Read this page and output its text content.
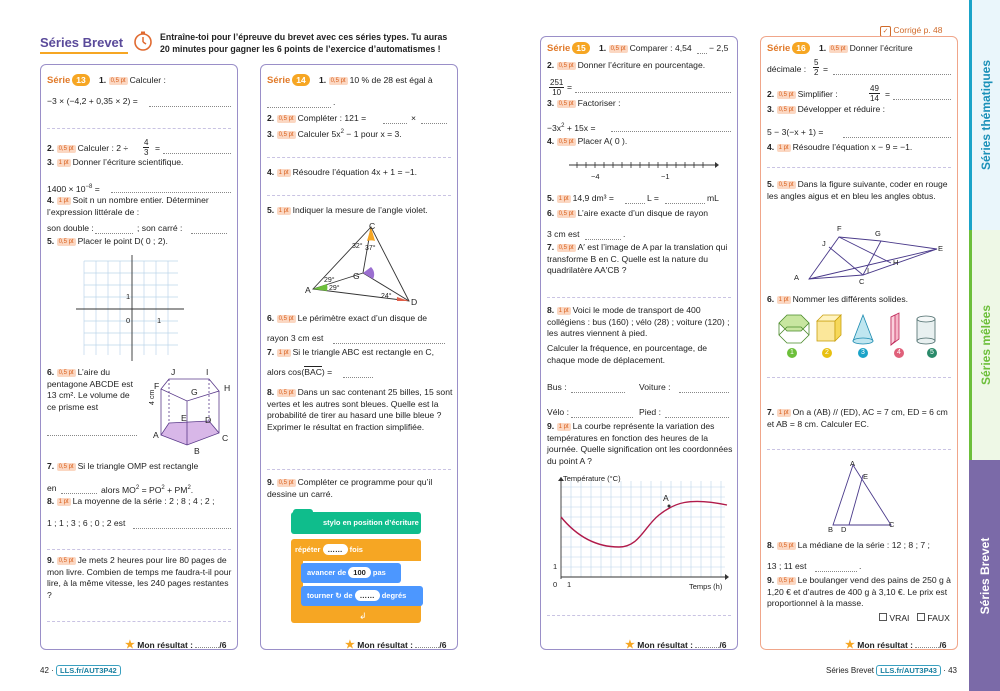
Séries Brevet	Entraîne-toi pour l’épreuve du brevet avec ces séries types. Tu auras
20 minutes pour gagner les 6 points de l’exercice d’automatismes !
✓ Corrigé p. 48
Série 13	1. 0,5 pt Calculer :
−3 × (−4,2 + 0,35 × 2) =
2. 0,5 pt Calculer : 2 ÷
4
3 =
3. 1 pt Donner l’écriture scientifique.
$1400 \times 10^{-8}$ =
4. 1 pt Soit n un nombre entier. Déterminer l’expression littérale de :
son double :	; son carré :
5. 0,5 pt Placer le point D( 0 ; 2).
1
0	1
6. 0,5 pt L’aire du pentagone ABCDE est 13 cm². Le volume de ce prisme est
J	I
F
G	H
E D
A	C
B
4 cm
7. 0,5 pt Si le triangle OMP est rectangle
en	alors $MO^2 = PO^2 + PM^2$.
8. 1 pt La moyenne de la série : 2 ; 8 ; 4 ; 2 ;
1 ; 1 ; 3 ; 6 ; 0 ; 2 est
9. 0,5 pt Je mets 2 heures pour lire 80 pages de mon livre. Combien de temps me faudra-t-il pour lire, à la même vitesse, les 240 pages restantes ?
★ Mon résultat :	/6
Série 14	1. 0,5 pt 10 % de 28 est égal à
.
2. 0,5 pt Compléter : 121 =	×
3. 0,5 pt Calculer $5x^2 - 1$ pour x = 3.
4. 1 pt Résoudre l’équation 4x + 1 = −1.
5. 1 pt Indiquer la mesure de l’angle violet.
C
32° 37°
G
29°
29°
A
24°
D
6. 0,5 pt Le périmètre exact d’un disque de
rayon 3 cm est
7. 1 pt Si le triangle ABC est rectangle en C,
alors cos(BAC) =
8. 0,5 pt Dans un sac contenant 25 billes, 15 sont vertes et les autres sont bleues. Quelle est la probabilité de tirer au hasard une bille bleue ? Exprimer le résultat en fraction simplifiée.
9. 0,5 pt Compléter ce programme pour qu’il dessine un carré.
stylo en position d’écriture
répéter …… fois
avancer de 100 pas
tourner ↻ de …… degrés
↲
★ Mon résultat :	/6
Série 15	1. 0,5 pt Comparer : 4,54 − 2,5
2. 0,5 pt Donner l’écriture en pourcentage.
251
10
=
3. 0,5 pt Factoriser :
$-3x^2 + 15x$ =
4. 0,5 pt Placer A( 0 ).
−4	−1
5. 1 pt 14,9 dm³ =	L =	mL
6. 0,5 pt L’aire exacte d’un disque de rayon
3 cm est	.
7. 0,5 pt A′ est l’image de A par la translation qui transforme B en C. Quelle est la nature du quadrilatère AA′CB ?
8. 1 pt Voici le mode de transport de 400 collégiens : bus (160) ; vélo (28) ; voiture (120) ; les autres viennent à pied.
Calculer la fréquence, en pourcentage, de chaque mode de déplacement.
Bus :	Voiture :
Vélo :	Pied :
9. 1 pt La courbe représente la variation des températures en fonction des heures de la journée. Quelle signification ont les coordonnées du point A ?
Température (°C)
Temps (h)
A
0 1
1
★ Mon résultat :	/6
Série 16	1. 0,5 pt Donner l’écriture
décimale :
5
2 =
2. 0,5 pt Simplifier :
49
14 =
3. 0,5 pt Développer et réduire :
5 − 3(−x + 1) =
4. 1 pt Résoudre l’équation x − 9 = −1.
5. 0,5 pt Dans la figure suivante, coder en rouge les angles aigus et en bleu les angles obtus.
F
G
J
E
H
I
A	C
6. 1 pt Nommer les différents solides.
1	2	3	4	5
7. 1 pt On a (AB) // (ED), AC = 7 cm, ED = 6 cm et AB = 8 cm. Calculer EC.
A
E
B D
C
8. 0,5 pt La médiane de la série : 12 ; 8 ; 7 ;
13 ; 11 est	.
9. 0,5 pt Le boulanger vend des pains de 250 g à 1,20 € et d’autres de 400 g à 3,10 €. Le prix est proportionnel à la masse.
VRAI	FAUX
★ Mon résultat :	/6
42 · LLS.fr/AUT3P42	Séries Brevet LLS.fr/AUT3P43 · 43
Séries thématiques
Séries mêlées
Séries Brevet
